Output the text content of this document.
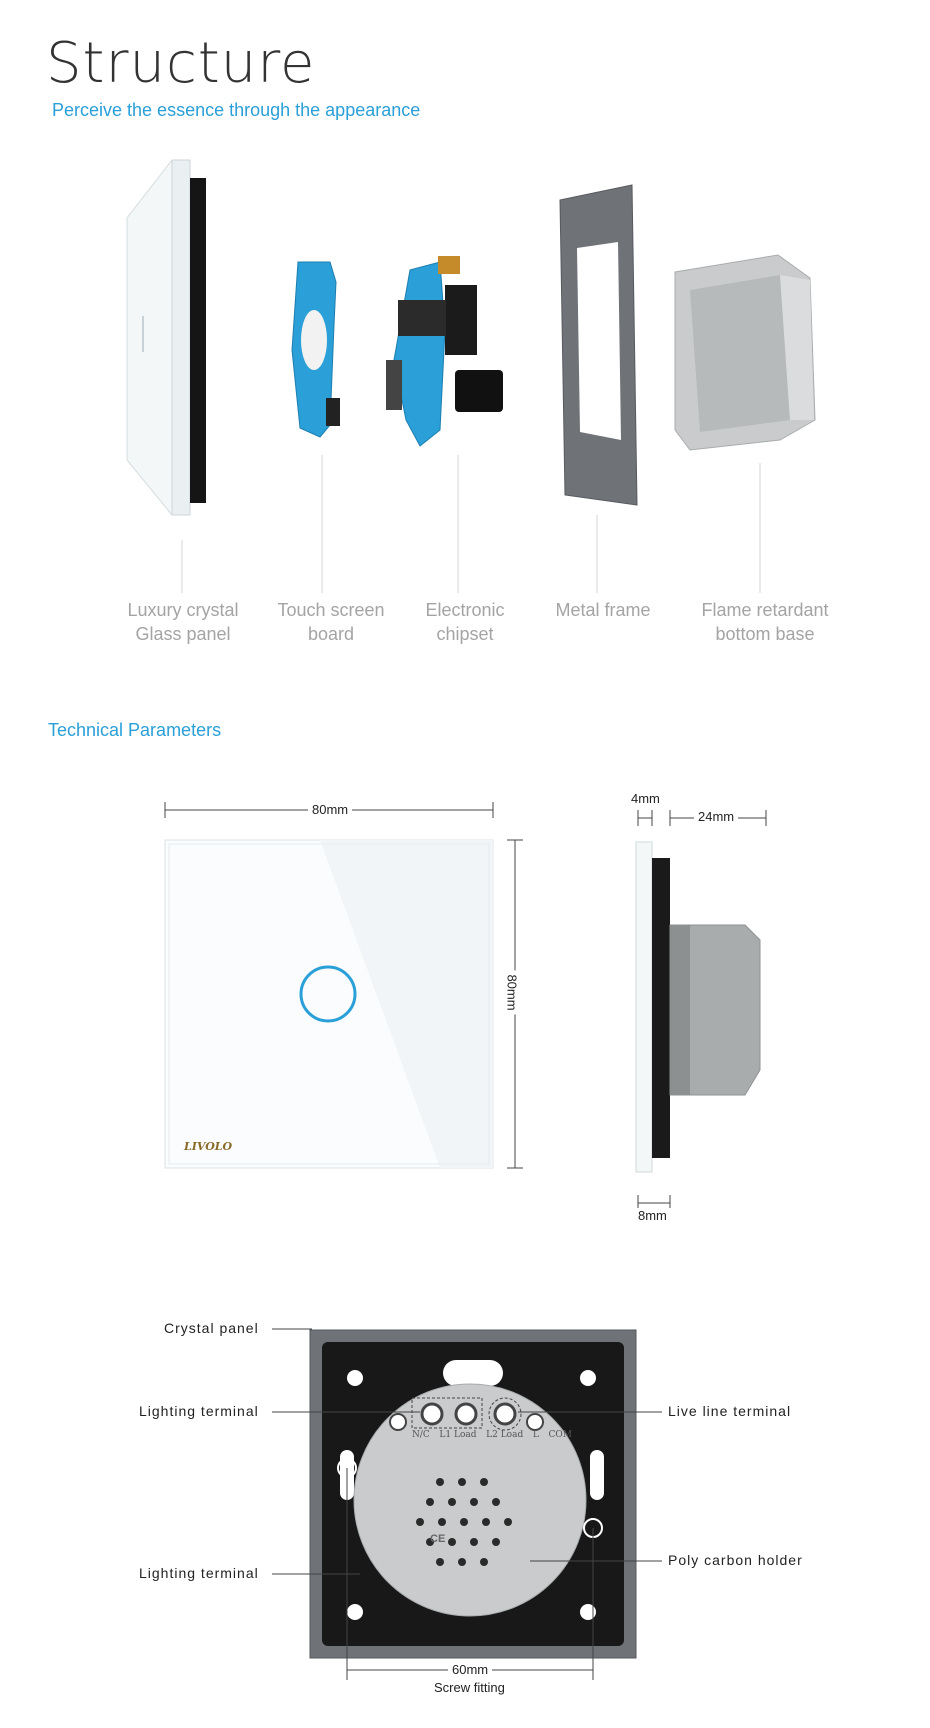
Structure
Perceive the essence through the appearance
Luxury crystal
Glass panel
Touch screen
board
Electronic
chipset
Metal frame	Flame retardant
bottom base
Technical Parameters
80mm
80mm
LIVOLO
4mm
24mm
8mm
CE
N/C L1 Load L2 Load L COM
Crystal panel
Lighting terminal	Live line terminal
Lighting terminal
Poly carbon holder
60mm
Screw fitting
